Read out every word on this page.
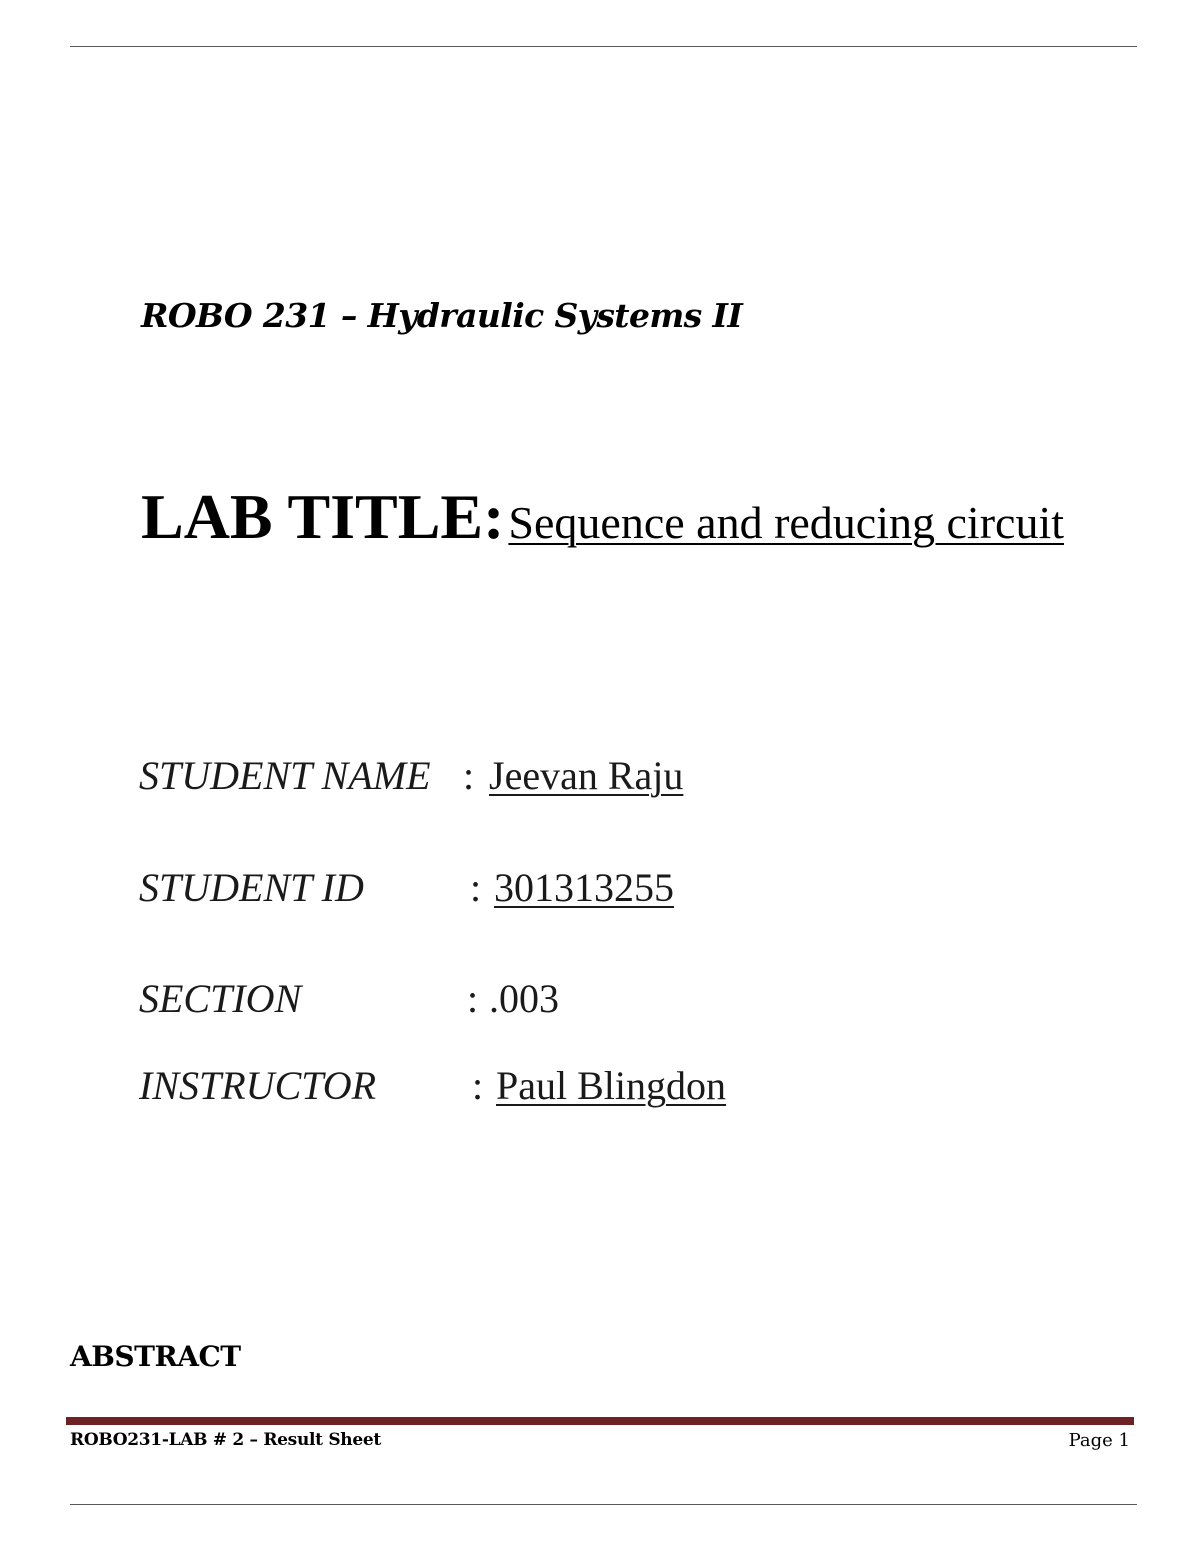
ROBO 231 – Hydraulic Systems II
LAB TITLE: Sequence and reducing circuit
STUDENT NAME : Jeevan Raju
STUDENT ID	: 301313255
SECTION	: .003
INSTRUCTOR : Paul Blingdon
ABSTRACT
ROBO231-LAB # 2 – Result Sheet	Page 1
